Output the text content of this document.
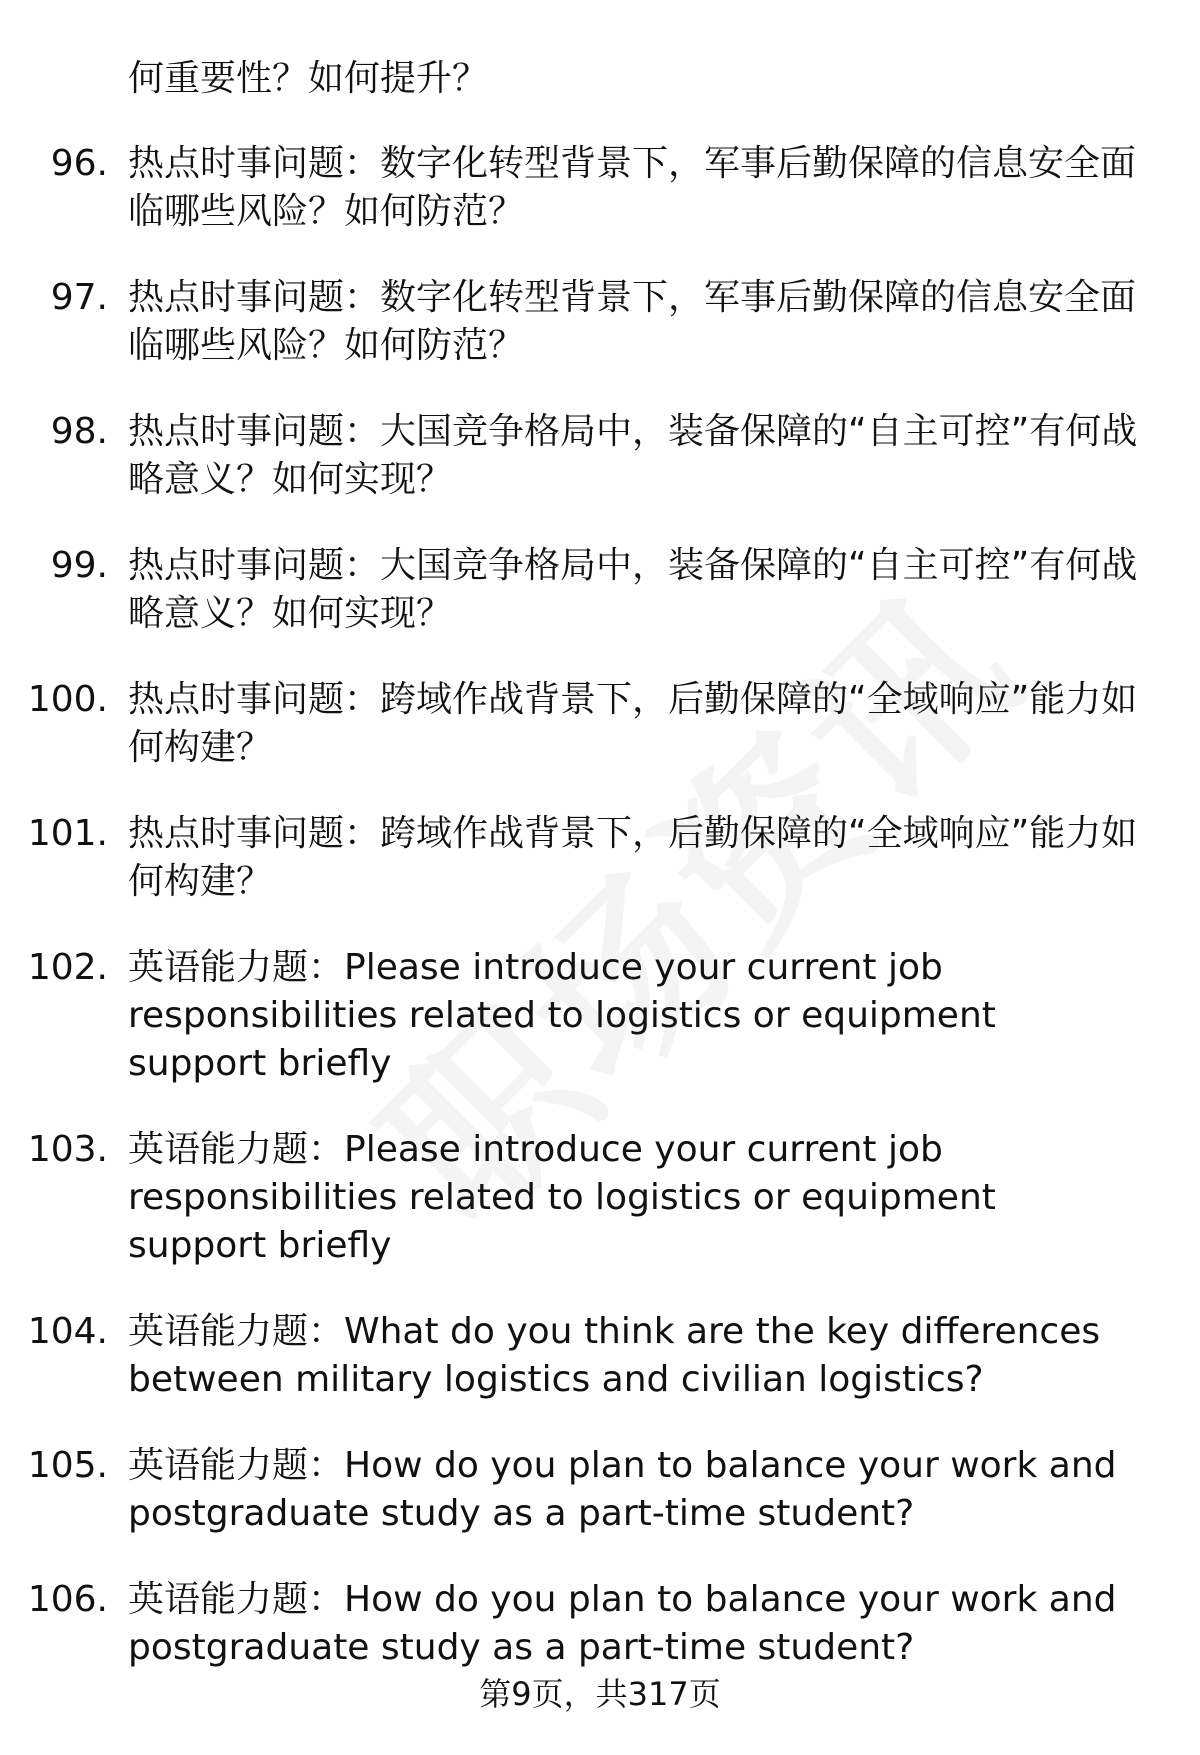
何重要性？如何提升？

96. 热点时事问题：数字化转型背景下，军事后勤保障的信息安全面临哪些风险？如何防范？
97. 热点时事问题：数字化转型背景下，军事后勤保障的信息安全面临哪些风险？如何防范？
98. 热点时事问题：大国竞争格局中，装备保障的“自主可控”有何战略意义？如何实现？
99. 热点时事问题：大国竞争格局中，装备保障的“自主可控”有何战略意义？如何实现？
100. 热点时事问题：跨域作战背景下，后勤保障的“全域响应”能力如何构建？
101. 热点时事问题：跨域作战背景下，后勤保障的“全域响应”能力如何构建？
102. 英语能力题：Please introduce your current job responsibilities related to logistics or equipment support briefly
103. 英语能力题：Please introduce your current job responsibilities related to logistics or equipment support briefly
104. 英语能力题：What do you think are the key differences between military logistics and civilian logistics?
105. 英语能力题：How do you plan to balance your work and postgraduate study as a part-time student?
106. 英语能力题：How do you plan to balance your work and postgraduate study as a part-time student?
第9页，共317页
